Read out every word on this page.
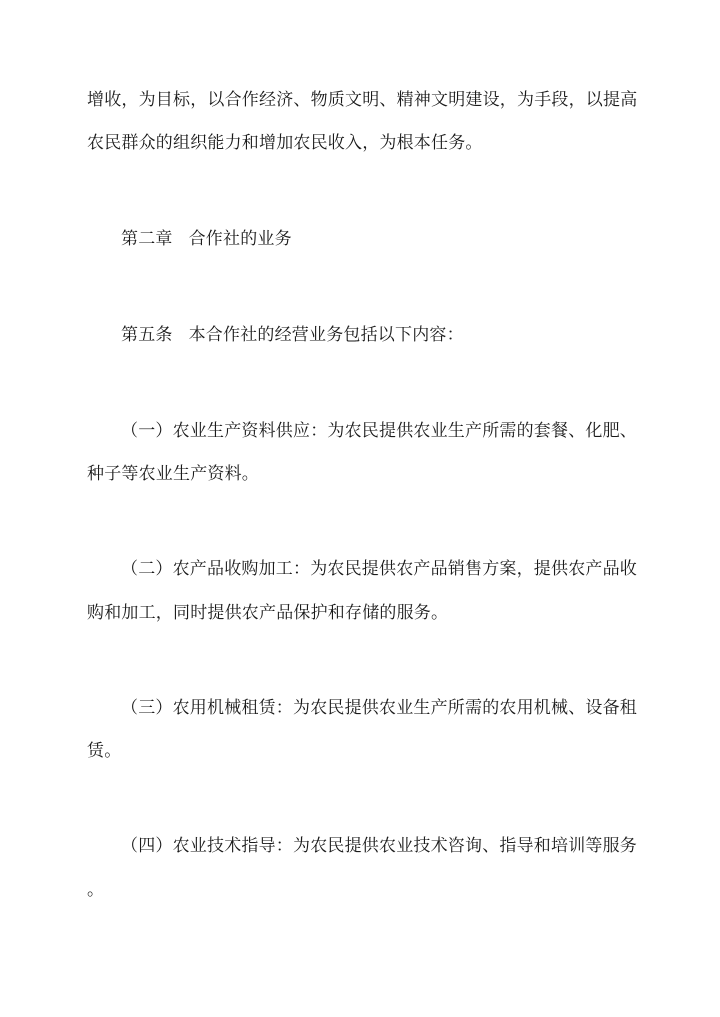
增收，为目标，以合作经济、物质文明、精神文明建设，为手段，以提高
农民群众的组织能力和增加农民收入，为根本任务。
第二章 合作社的业务
第五条 本合作社的经营业务包括以下内容：
（一）农业生产资料供应：为农民提供农业生产所需的套餐、化肥、
种子等农业生产资料。
（二）农产品收购加工：为农民提供农产品销售方案，提供农产品收
购和加工，同时提供农产品保护和存储的服务。
（三）农用机械租赁：为农民提供农业生产所需的农用机械、设备租
赁。
（四）农业技术指导：为农民提供农业技术咨询、指导和培训等服务
。
